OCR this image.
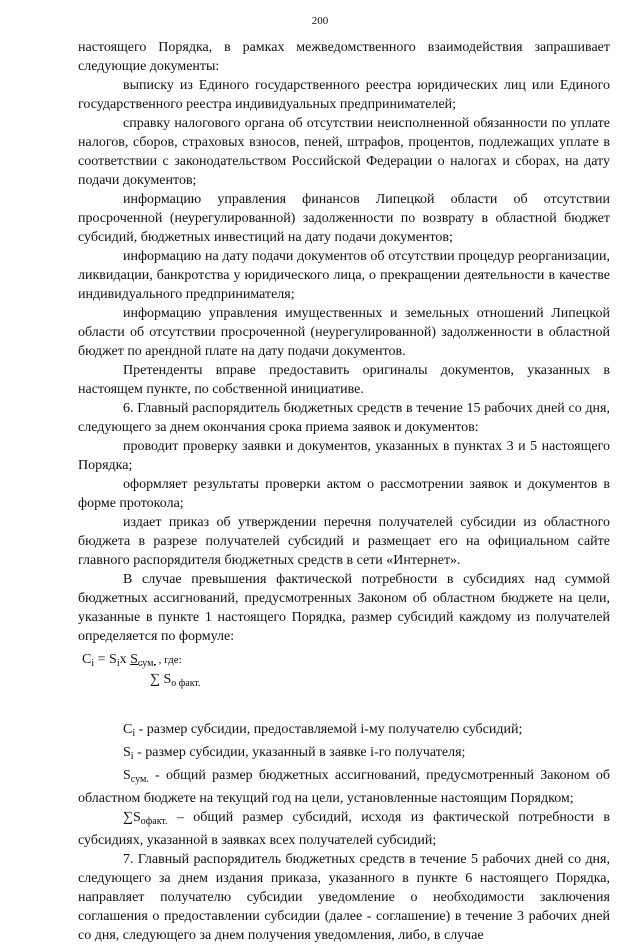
200

настоящего Порядка, в рамках межведомственного взаимодействия запрашивает следующие документы:

выписку из Единого государственного реестра юридических лиц или Единого государственного реестра индивидуальных предпринимателей;

справку налогового органа об отсутствии неисполненной обязанности по уплате налогов, сборов, страховых взносов, пеней, штрафов, процентов, подлежащих уплате в соответствии с законодательством Российской Федерации о налогах и сборах, на дату подачи документов;

информацию управления финансов Липецкой области об отсутствии просроченной (неурегулированной) задолженности по возврату в областной бюджет субсидий, бюджетных инвестиций на дату подачи документов;

информацию на дату подачи документов об отсутствии процедур реорганизации, ликвидации, банкротства у юридического лица, о прекращении деятельности в качестве индивидуального предпринимателя;

информацию управления имущественных и земельных отношений Липецкой области об отсутствии просроченной (неурегулированной) задолженности в областной бюджет по арендной плате на дату подачи документов.

Претенденты вправе предоставить оригиналы документов, указанных в настоящем пункте, по собственной инициативе.

6. Главный распорядитель бюджетных средств в течение 15 рабочих дней со дня, следующего за днем окончания срока приема заявок и документов:

проводит проверку заявки и документов, указанных в пунктах 3 и 5 настоящего Порядка;

оформляет результаты проверки актом о рассмотрении заявок и документов в форме протокола;

издает приказ об утверждении перечня получателей субсидии из областного бюджета в разрезе получателей субсидий и размещает его на официальном сайте главного распорядителя бюджетных средств в сети «Интернет».

В случае превышения фактической потребности в субсидиях над суммой бюджетных ассигнований, предусмотренных Законом об областном бюджете на цели, указанные в пункте 1 настоящего Порядка, размер субсидий каждому из получателей определяется по формуле:

$C_i = S_ix$ $S_{сум.}$ , где:
∑ $S_{o факт.}$

$C_i$ - размер субсидии, предоставляемой i-му получателю субсидий;

$S_i$ - размер субсидии, указанный в заявке i-го получателя;

$S_{сум.}$ - общий размер бюджетных ассигнований, предусмотренный Законом об областном бюджете на текущий год на цели, установленные настоящим Порядком;

$\sum S_{oфакт.}$ – общий размер субсидий, исходя из фактической потребности в субсидиях, указанной в заявках всех получателей субсидий;

7. Главный распорядитель бюджетных средств в течение 5 рабочих дней со дня, следующего за днем издания приказа, указанного в пункте 6 настоящего Порядка, направляет получателю субсидии уведомление о необходимости заключения соглашения о предоставлении субсидии (далее - соглашение) в течение 3 рабочих дней со дня, следующего за днем получения уведомления, либо, в случае
